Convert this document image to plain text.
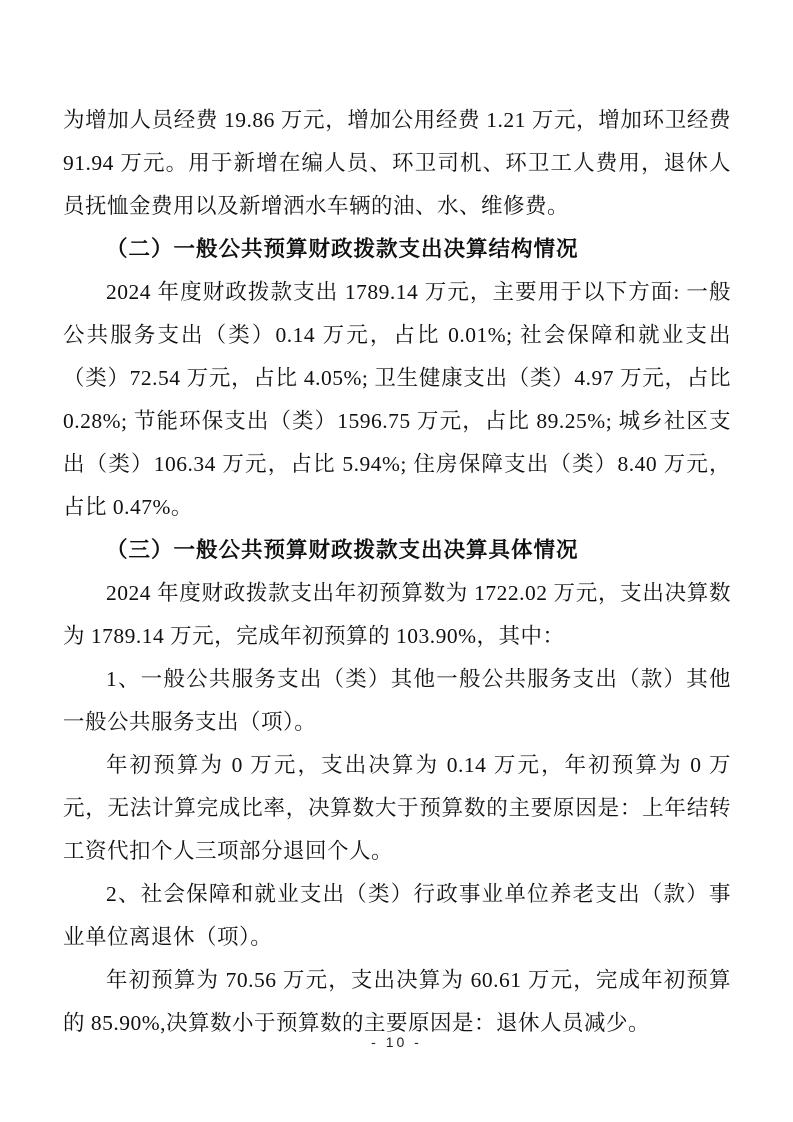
为增加人员经费 19.86 万元，增加公用经费 1.21 万元，增加环卫经费 91.94 万元。用于新增在编人员、环卫司机、环卫工人费用，退休人员抚恤金费用以及新增洒水车辆的油、水、维修费。

（二）一般公共预算财政拨款支出决算结构情况

2024 年度财政拨款支出 1789.14 万元，主要用于以下方面: 一般公共服务支出（类）0.14 万元，占比 0.01%; 社会保障和就业支出（类）72.54 万元，占比 4.05%; 卫生健康支出（类）4.97 万元，占比 0.28%; 节能环保支出（类）1596.75 万元，占比 89.25%; 城乡社区支出（类）106.34 万元，占比 5.94%; 住房保障支出（类）8.40 万元，占比 0.47%。

（三）一般公共预算财政拨款支出决算具体情况

2024 年度财政拨款支出年初预算数为 1722.02 万元，支出决算数为 1789.14 万元，完成年初预算的 103.90%，其中：

1、一般公共服务支出（类）其他一般公共服务支出（款）其他一般公共服务支出（项）。

年初预算为 0 万元，支出决算为 0.14 万元，年初预算为 0 万元，无法计算完成比率，决算数大于预算数的主要原因是：上年结转工资代扣个人三项部分退回个人。

2、社会保障和就业支出（类）行政事业单位养老支出（款）事业单位离退休（项）。

年初预算为 70.56 万元，支出决算为 60.61 万元，完成年初预算的 85.90%,决算数小于预算数的主要原因是：退休人员减少。

- 10 -
